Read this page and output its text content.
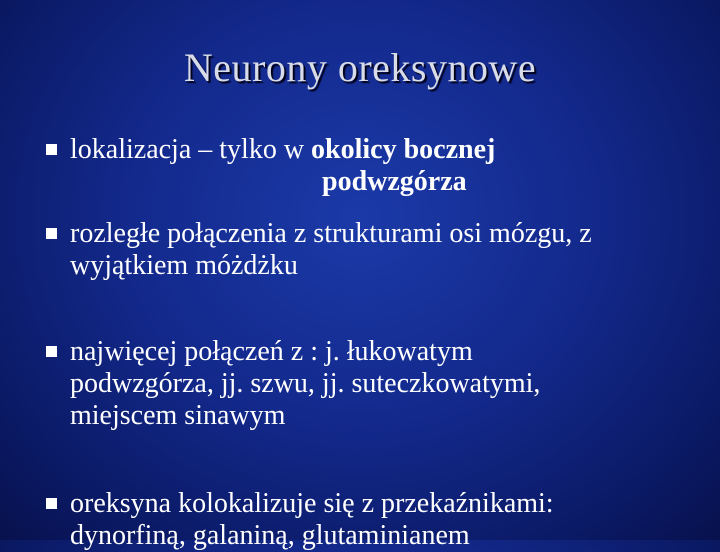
Neurony oreksynowe
lokalizacja – tylko w okolicy bocznej
podwzgórza
rozległe połączenia z strukturami osi mózgu, z
wyjątkiem móżdżku
najwięcej połączeń z : j. łukowatym
podwzgórza, jj. szwu, jj. suteczkowatymi,
miejscem sinawym
oreksyna kolokalizuje się z przekaźnikami:
dynorfiną, galaniną, glutaminianem
